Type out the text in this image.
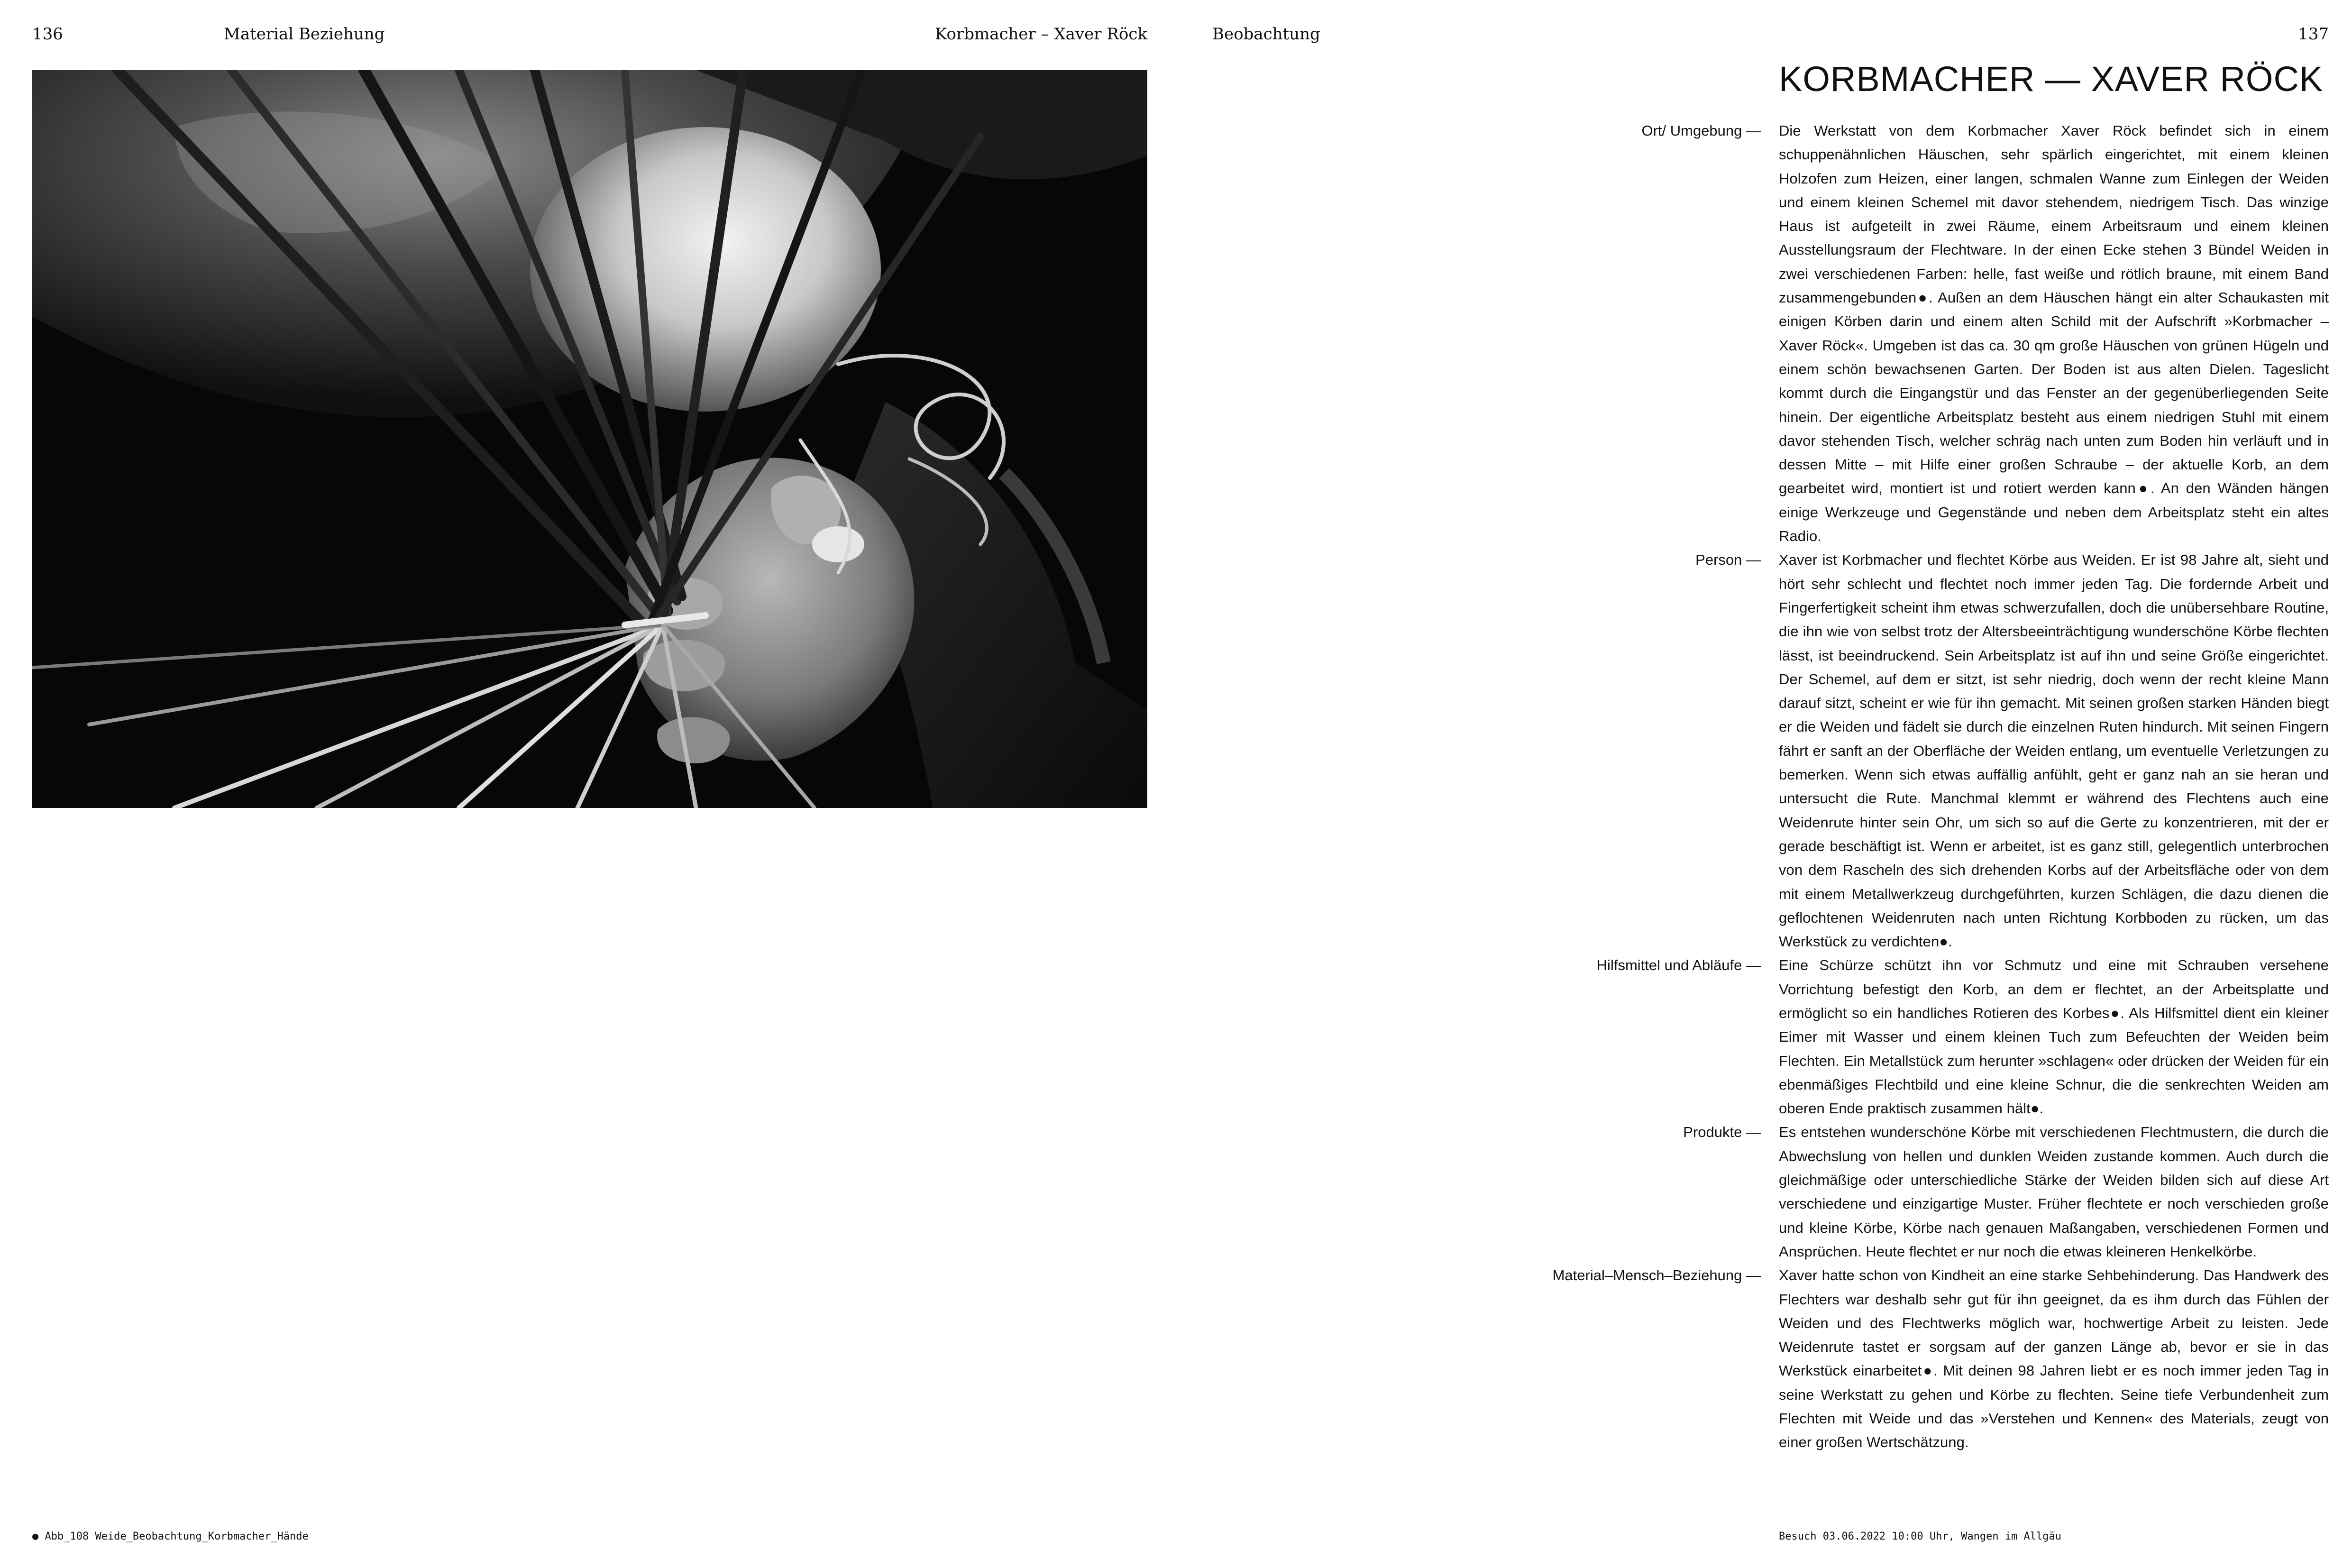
136	Material Beziehung	Korbmacher – Xaver Röck	Beobachtung	137
KORBMACHER — XAVER RÖCK
Ort/ Umgebung — Die Werkstatt von dem Korbmacher Xaver Röck befindet sich in einem schuppenähnlichen Häuschen, sehr spärlich eingerichtet, mit einem kleinen Holzofen zum Heizen, einer langen, schmalen Wanne zum Einlegen der Weiden und einem kleinen Schemel mit davor stehendem, niedrigem Tisch. Das winzige Haus ist aufgeteilt in zwei Räume, einem Arbeitsraum und einem kleinen Ausstellungsraum der Flechtware. In der einen Ecke stehen 3 Bündel Weiden in zwei verschiedenen Farben: helle, fast weiße und rötlich braune, mit einem Band zusammengebunden●. Außen an dem Häuschen hängt ein alter Schaukasten mit einigen Körben darin und einem alten Schild mit der Aufschrift »Korbmacher – Xaver Röck«. Umgeben ist das ca. 30 qm große Häuschen von grünen Hügeln und einem schön bewachsenen Garten. Der Boden ist aus alten Dielen. Tageslicht kommt durch die Eingangstür und das Fenster an der gegenüberliegenden Seite hinein. Der eigentliche Arbeitsplatz besteht aus einem niedrigen Stuhl mit einem davor stehenden Tisch, welcher schräg nach unten zum Boden hin verläuft und in dessen Mitte – mit Hilfe einer großen Schraube – der aktuelle Korb, an dem gearbeitet wird, montiert ist und rotiert werden kann●. An den Wänden hängen einige Werkzeuge und Gegenstände und neben dem Arbeitsplatz steht ein altes Radio.

Person — Xaver ist Korbmacher und flechtet Körbe aus Weiden. Er ist 98 Jahre alt, sieht und hört sehr schlecht und flechtet noch immer jeden Tag. Die fordernde Arbeit und Fingerfertigkeit scheint ihm etwas schwerzufallen, doch die unübersehbare Routine, die ihn wie von selbst trotz der Altersbeeinträchtigung wunderschöne Körbe flechten lässt, ist beeindruckend. Sein Arbeitsplatz ist auf ihn und seine Größe eingerichtet. Der Schemel, auf dem er sitzt, ist sehr niedrig, doch wenn der recht kleine Mann darauf sitzt, scheint er wie für ihn gemacht. Mit seinen großen starken Händen biegt er die Weiden und fädelt sie durch die einzelnen Ruten hindurch. Mit seinen Fingern fährt er sanft an der Oberfläche der Weiden entlang, um eventuelle Verletzungen zu bemerken. Wenn sich etwas auffällig anfühlt, geht er ganz nah an sie heran und untersucht die Rute. Manchmal klemmt er während des Flechtens auch eine Weidenrute hinter sein Ohr, um sich so auf die Gerte zu konzentrieren, mit der er gerade beschäftigt ist. Wenn er arbeitet, ist es ganz still, gelegentlich unterbrochen von dem Rascheln des sich drehenden Korbs auf der Arbeitsfläche oder von dem mit einem Metallwerkzeug durchgeführten, kurzen Schlägen, die dazu dienen die geflochtenen Weidenruten nach unten Richtung Korbboden zu rücken, um das Werkstück zu verdichten●.

Hilfsmittel und Abläufe — Eine Schürze schützt ihn vor Schmutz und eine mit Schrauben versehene Vorrichtung befestigt den Korb, an dem er flechtet, an der Arbeitsplatte und ermöglicht so ein handliches Rotieren des Korbes●. Als Hilfsmittel dient ein kleiner Eimer mit Wasser und einem kleinen Tuch zum Befeuchten der Weiden beim Flechten. Ein Metallstück zum herunter »schlagen« oder drücken der Weiden für ein ebenmäßiges Flechtbild und eine kleine Schnur, die die senkrechten Weiden am oberen Ende praktisch zusammen hält●.

Produkte — Es entstehen wunderschöne Körbe mit verschiedenen Flechtmustern, die durch die Abwechslung von hellen und dunklen Weiden zustande kommen. Auch durch die gleichmäßige oder unterschiedliche Stärke der Weiden bilden sich auf diese Art verschiedene und einzigartige Muster. Früher flechtete er noch verschieden große und kleine Körbe, Körbe nach genauen Maßangaben, verschiedenen Formen und Ansprüchen. Heute flechtet er nur noch die etwas kleineren Henkelkörbe.

Material–Mensch–Beziehung — Xaver hatte schon von Kindheit an eine starke Sehbehinderung. Das Handwerk des Flechters war deshalb sehr gut für ihn geeignet, da es ihm durch das Fühlen der Weiden und des Flechtwerks möglich war, hochwertige Arbeit zu leisten. Jede Weidenrute tastet er sorgsam auf der ganzen Länge ab, bevor er sie in das Werkstück einarbeitet●. Mit deinen 98 Jahren liebt er es noch immer jeden Tag in seine Werkstatt zu gehen und Körbe zu flechten. Seine tiefe Verbundenheit zum Flechten mit Weide und das »Verstehen und Kennen« des Materials, zeugt von einer großen Wertschätzung.

● Abb_108 Weide_Beobachtung_Korbmacher_Hände	Besuch 03.06.2022 10:00 Uhr, Wangen im Allgäu
